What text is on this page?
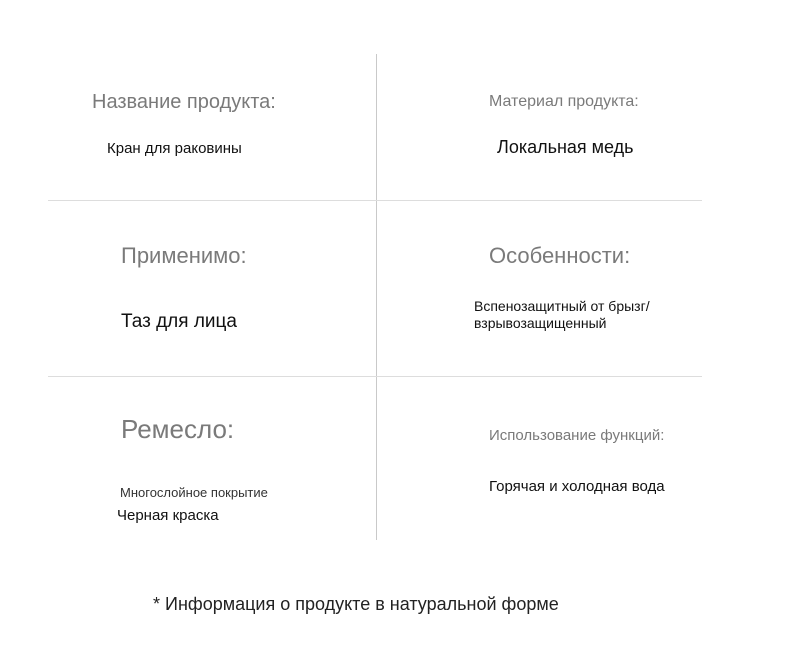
Название продукта:
Кран для раковины
Материал продукта:
Локальная медь
Применимо:
Таз для лица
Особенности:
Вспенозащитный от брызг/взрывозащищенный
Ремесло:
Многослойное покрытие
Черная краска
Использование функций:
Горячая и холодная вода
* Информация о продукте в натуральной форме
